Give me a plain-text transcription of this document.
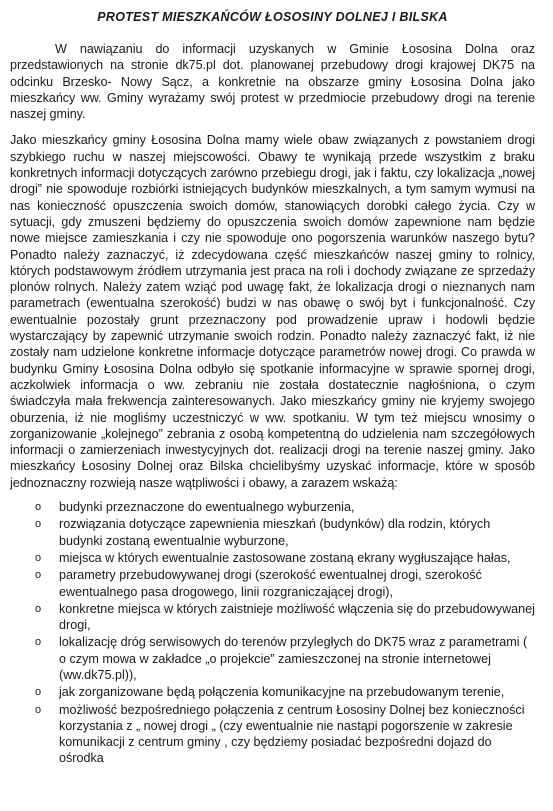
PROTEST MIESZKAŃCÓW ŁOSOSINY DOLNEJ I BILSKA

W nawiązaniu do informacji uzyskanych w Gminie Łososina Dolna oraz przedstawionych na stronie dk75.pl dot. planowanej przebudowy drogi krajowej DK75 na odcinku Brzesko- Nowy Sącz, a konkretnie na obszarze gminy Łososina Dolna jako mieszkańcy ww. Gminy wyrażamy swój protest w przedmiocie przebudowy drogi na terenie naszej gminy.

Jako mieszkańcy gminy Łososina Dolna mamy wiele obaw związanych z powstaniem drogi szybkiego ruchu w naszej miejscowości. Obawy te wynikają przede wszystkim z braku konkretnych informacji dotyczących zarówno przebiegu drogi, jak i faktu, czy lokalizacja „nowej drogi” nie spowoduje rozbiórki istniejących budynków mieszkalnych, a tym samym wymusi na nas konieczność opuszczenia swoich domów, stanowiących dorobki całego życia. Czy w sytuacji, gdy zmuszeni będziemy do opuszczenia swoich domów zapewnione nam będzie nowe miejsce zamieszkania i czy nie spowoduje ono pogorszenia warunków naszego bytu? Ponadto należy zaznaczyć, iż zdecydowana część mieszkańców naszej gminy to rolnicy, których podstawowym źródłem utrzymania jest praca na roli i dochody związane ze sprzedaży plonów rolnych. Należy zatem wziąć pod uwagę fakt, że lokalizacja drogi o nieznanych nam parametrach (ewentualna szerokość) budzi w nas obawę o swój byt i funkcjonalność. Czy ewentualnie pozostały grunt przeznaczony pod prowadzenie upraw i hodowli będzie wystarczający by zapewnić utrzymanie swoich rodzin. Ponadto należy zaznaczyć fakt, iż nie zostały nam udzielone konkretne informacje dotyczące parametrów nowej drogi. Co prawda w budynku Gminy Łososina Dolna odbyło się spotkanie informacyjne w sprawie spornej drogi, aczkolwiek informacja o ww. zebraniu nie została dostatecznie nagłośniona, o czym świadczyła mała frekwencja zainteresowanych. Jako mieszkańcy gminy nie kryjemy swojego oburzenia, iż nie mogliśmy uczestniczyć w ww. spotkaniu. W tym też miejscu wnosimy o zorganizowanie „kolejnego” zebrania z osobą kompetentną do udzielenia nam szczegółowych informacji o zamierzeniach inwestycyjnych dot. realizacji drogi na terenie naszej gminy. Jako mieszkańcy Łososiny Dolnej oraz Bilska chcielibyśmy uzyskać informacje, które w sposób jednoznaczny rozwieją nasze wątpliwości i obawy, a zarazem wskażą:

o	budynki przeznaczone do ewentualnego wyburzenia,
o	rozwiązania dotyczące zapewnienia mieszkań (budynków) dla rodzin, których budynki zostaną ewentualnie wyburzone,
o	miejsca w których ewentualnie zastosowane zostaną ekrany wygłuszające hałas,
o	parametry przebudowywanej drogi (szerokość ewentualnej drogi, szerokość ewentualnego pasa drogowego, linii rozgraniczającej drogi),
o	konkretne miejsca w których zaistnieje możliwość włączenia się do przebudowywanej drogi,
o	lokalizację dróg serwisowych do terenów przyległych do DK75 wraz z parametrami ( o czym mowa w zakładce „o projekcie” zamieszczonej na stronie internetowej (ww.dk75.pl)),
o	jak zorganizowane będą połączenia komunikacyjne na przebudowanym terenie,
o	możliwość bezpośredniego połączenia z centrum Łososiny Dolnej bez konieczności korzystania z „ nowej drogi „ (czy ewentualnie nie nastąpi pogorszenie w zakresie komunikacji z centrum gminy , czy będziemy posiadać bezpośredni dojazd do ośrodka
